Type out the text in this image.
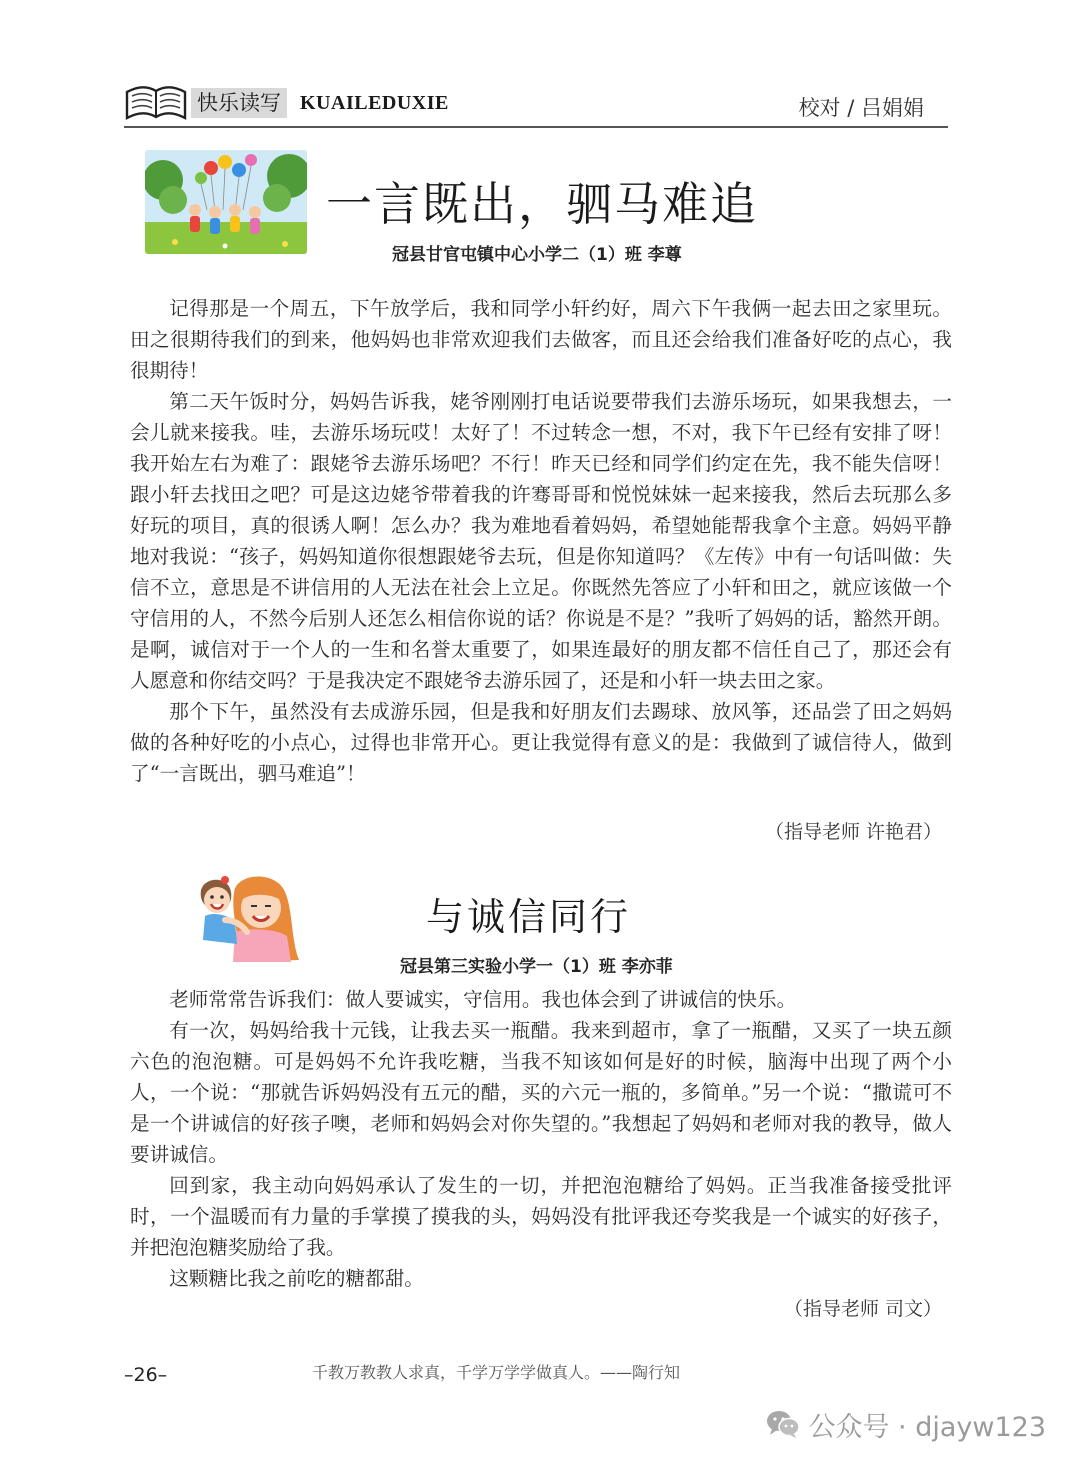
快乐读写 KUAILEDUXIE	校对 / 吕娟娟
一言既出，驷马难追
冠县甘官屯镇中心小学二（1）班 李尊

记得那是一个周五，下午放学后，我和同学小轩约好，周六下午我俩一起去田之家里玩。田之很期待我们的到来，他妈妈也非常欢迎我们去做客，而且还会给我们准备好吃的点心，我很期待！

第二天午饭时分，妈妈告诉我，姥爷刚刚打电话说要带我们去游乐场玩，如果我想去，一会儿就来接我。哇，去游乐场玩哎！太好了！不过转念一想，不对，我下午已经有安排了呀！我开始左右为难了：跟姥爷去游乐场吧？不行！昨天已经和同学们约定在先，我不能失信呀！跟小轩去找田之吧？可是这边姥爷带着我的许骞哥哥和悦悦妹妹一起来接我，然后去玩那么多好玩的项目，真的很诱人啊！怎么办？我为难地看着妈妈，希望她能帮我拿个主意。妈妈平静地对我说：“孩子，妈妈知道你很想跟姥爷去玩，但是你知道吗？《左传》中有一句话叫做：失信不立，意思是不讲信用的人无法在社会上立足。你既然先答应了小轩和田之，就应该做一个守信用的人，不然今后别人还怎么相信你说的话？你说是不是？”我听了妈妈的话，豁然开朗。是啊，诚信对于一个人的一生和名誉太重要了，如果连最好的朋友都不信任自己了，那还会有人愿意和你结交吗？于是我决定不跟姥爷去游乐园了，还是和小轩一块去田之家。

那个下午，虽然没有去成游乐园，但是我和好朋友们去踢球、放风筝，还品尝了田之妈妈做的各种好吃的小点心，过得也非常开心。更让我觉得有意义的是：我做到了诚信待人，做到了“一言既出，驷马难追”！

（指导老师 许艳君）
与诚信同行
冠县第三实验小学一（1）班 李亦菲

老师常常告诉我们：做人要诚实，守信用。我也体会到了讲诚信的快乐。

有一次，妈妈给我十元钱，让我去买一瓶醋。我来到超市，拿了一瓶醋，又买了一块五颜六色的泡泡糖。可是妈妈不允许我吃糖，当我不知该如何是好的时候，脑海中出现了两个小人，一个说：“那就告诉妈妈没有五元的醋，买的六元一瓶的，多简单。”另一个说：“撒谎可不是一个讲诚信的好孩子噢，老师和妈妈会对你失望的。”我想起了妈妈和老师对我的教导，做人要讲诚信。

回到家，我主动向妈妈承认了发生的一切，并把泡泡糖给了妈妈。正当我准备接受批评时，一个温暖而有力量的手掌摸了摸我的头，妈妈没有批评我还夸奖我是一个诚实的好孩子，并把泡泡糖奖励给了我。

这颗糖比我之前吃的糖都甜。

（指导老师 司文）
–26–	千教万教教人求真，千学万学学做真人。——陶行知
公众号 · djayw123
